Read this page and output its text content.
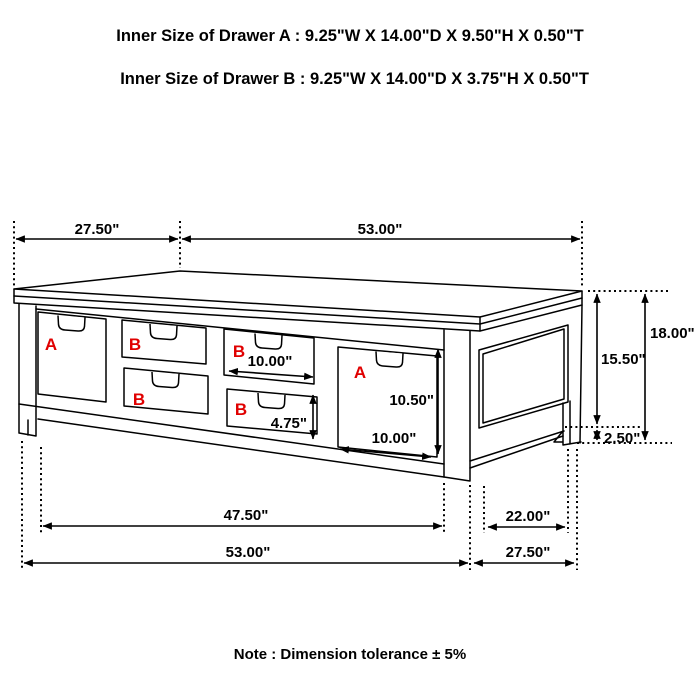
Inner Size of Drawer A : 9.25"W X 14.00"D X 9.50"H X 0.50"T

Inner Size of Drawer B : 9.25"W X 14.00"D X 3.75"H X 0.50"T
27.50"	53.00"
18.00"
15.50"
2.50"
10.00"
4.75"
10.50"
10.00"
47.50"	22.00"
53.00"	27.50"
A	B
B
B
B
A
Note : Dimension tolerance ± 5%
